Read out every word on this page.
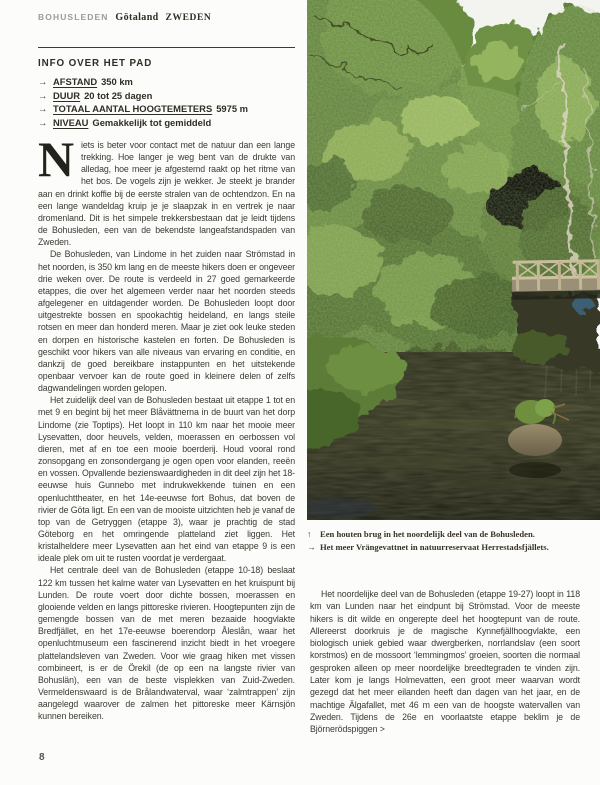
BOHUSLEDEN Götaland ZWEDEN
INFO OVER HET PAD
→ AFSTAND 350 km
→ DUUR 20 tot 25 dagen
→ TOTAAL AANTAL HOOGTEMETERS 5975 m
→ NIVEAU Gemakkelijk tot gemiddeld

Niets is beter voor contact met de natuur dan een lange trekking. Hoe langer je weg bent van de drukte van alledag, hoe meer je afgestemd raakt op het ritme van het bos. De vogels zijn je wekker. Je steekt je brander aan en drinkt koffie bij de eerste stralen van de ochtendzon. En na een lange wandeldag kruip je je slaapzak in en vertrek je naar dromenland. Dit is het simpele trekkersbestaan dat je leidt tijdens de Bohusleden, een van de bekendste langeafstandspaden van Zweden.

De Bohusleden, van Lindome in het zuiden naar Strömstad in het noorden, is 350 km lang en de meeste hikers doen er ongeveer drie weken over. De route is verdeeld in 27 goed gemarkeerde etappes, die over het algemeen verder naar het noorden steeds afgelegener en uitdagender worden. De Bohusleden loopt door uitgestrekte bossen en spookachtig heideland, en langs steile rotsen en meer dan honderd meren. Maar je ziet ook leuke steden en dorpen en historische kastelen en forten. De Bohusleden is geschikt voor hikers van alle niveaus van ervaring en conditie, en dankzij de goed bereikbare instappunten en het uitstekende openbaar vervoer kan de route goed in kleinere delen of zelfs dagwandelingen worden gelopen.

Het zuidelijk deel van de Bohusleden bestaat uit etappe 1 tot en met 9 en begint bij het meer Blåvättnerna in de buurt van het dorp Lindome (zie Toptips). Het loopt in 110 km naar het mooie meer Lysevatten, door heuvels, velden, moerassen en oerbossen vol dieren, met af en toe een mooie boerderij. Houd vooral rond zonsopgang en zonsondergang je ogen open voor elanden, reeën en vossen. Opvallende bezienswaardigheden in dit deel zijn het 18-eeuwse huis Gunnebo met indrukwekkende tuinen en een openluchttheater, en het 14e-eeuwse fort Bohus, dat boven de rivier de Göta ligt. En een van de mooiste uitzichten heb je vanaf de top van de Getryggen (etappe 3), waar je prachtig de stad Göteborg en het omringende platteland ziet liggen. Het kristalheldere meer Lysevatten aan het eind van etappe 9 is een ideale plek om uit te rusten voordat je verdergaat.

Het centrale deel van de Bohusleden (etappe 10-18) beslaat 122 km tussen het kalme water van Lysevatten en het kruispunt bij Lunden. De route voert door dichte bossen, moerassen en glooiende velden en langs pittoreske rivieren. Hoogtepunten zijn de gemengde bossen van de met meren bezaaide hoogvlakte Bredfjället, en het 17e-eeuwse boerendorp Åleslån, waar het openluchtmuseum een fascinerend inzicht biedt in het vroegere plattelandsleven van Zweden. Voor wie graag hiken met vissen combineert, is er de Örekil (de op een na langste rivier van Bohuslän), een van de beste visplekken van Zuid-Zweden. Vermeldenswaard is de Brålandwaterval, waar ‘zalmtrappen’ zijn aangelegd waarover de zalmen het pittoreske meer Kärnsjön kunnen bereiken.

↑	Een houten brug in het noordelijk deel van de Bohusleden.
→ Het meer Vrängevattnet in natuurreservaat Herrestadsfjällets.

Het noordelijke deel van de Bohusleden (etappe 19-27) loopt in 118 km van Lunden naar het eindpunt bij Strömstad. Voor de meeste hikers is dit wilde en ongerepte deel het hoogtepunt van de route. Allereerst doorkruis je de magische Kynnefjällhoogvlakte, een biologisch uniek gebied waar dwergberken, norrlandslav (een soort korstmos) en de mossoort ‘lemmingmos’ groeien, soorten die normaal gesproken alleen op meer noordelijke breedtegraden te vinden zijn. Later kom je langs Holmevatten, een groot meer waarvan wordt gezegd dat het meer eilanden heeft dan dagen van het jaar, en de machtige Älgafallet, met 46 m een van de hoogste watervallen van Zweden. Tijdens de 26e en voorlaatste etappe beklim je de Björnerödspiggen >

8
